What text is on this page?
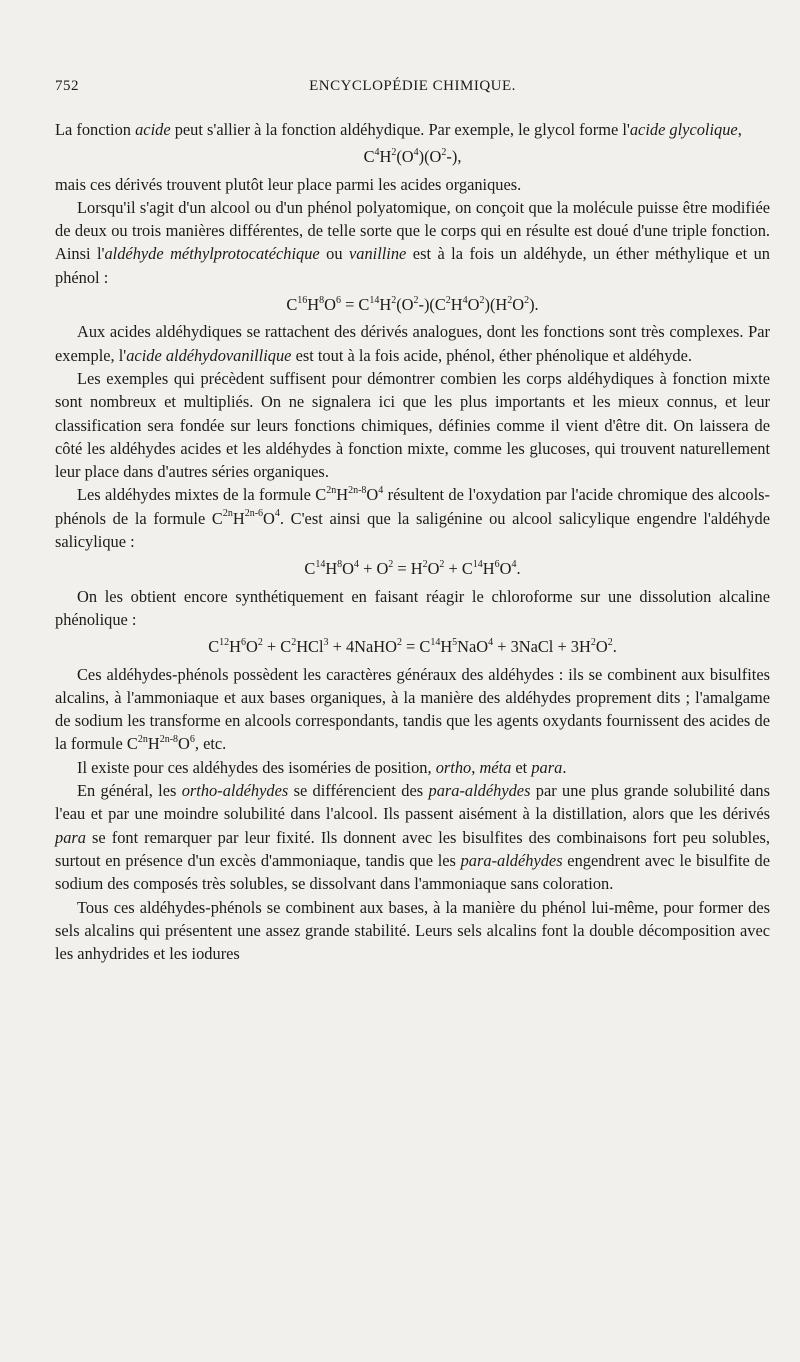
752	ENCYCLOPÉDIE CHIMIQUE.

La fonction acide peut s'allier à la fonction aldéhydique. Par exemple, le glycol forme l'acide glycolique,

$C^4H^2(O^4)(O^2-)$,

mais ces dérivés trouvent plutôt leur place parmi les acides organiques.

Lorsqu'il s'agit d'un alcool ou d'un phénol polyatomique, on conçoit que la molécule puisse être modifiée de deux ou trois manières différentes, de telle sorte que le corps qui en résulte est doué d'une triple fonction. Ainsi l'aldéhyde méthylprotocatéchique ou vanilline est à la fois un aldéhyde, un éther méthylique et un phénol :

$C^{16}H^8O^6 = C^{14}H^2(O^2-)(C^2H^4O^2)(H^2O^2)$.

Aux acides aldéhydiques se rattachent des dérivés analogues, dont les fonctions sont très complexes. Par exemple, l'acide aldéhydovanillique est tout à la fois acide, phénol, éther phénolique et aldéhyde.

Les exemples qui précèdent suffisent pour démontrer combien les corps aldéhydiques à fonction mixte sont nombreux et multipliés. On ne signalera ici que les plus importants et les mieux connus, et leur classification sera fondée sur leurs fonctions chimiques, définies comme il vient d'être dit. On laissera de côté les aldéhydes acides et les aldéhydes à fonction mixte, comme les glucoses, qui trouvent naturellement leur place dans d'autres séries organiques.

Les aldéhydes mixtes de la formule $C^{2n}H^{2n-8}O^4$ résultent de l'oxydation par l'acide chromique des alcools-phénols de la formule $C^{2n}H^{2n-6}O^4$. C'est ainsi que la saligénine ou alcool salicylique engendre l'aldéhyde salicylique :

$C^{14}H^8O^4 + O^2 = H^2O^2 + C^{14}H^6O^4$.

On les obtient encore synthétiquement en faisant réagir le chloroforme sur une dissolution alcaline phénolique :

$C^{12}H^6O^2 + C^2HCl^3$ + 4NaHO$^2$ = $C^{14}H^5NaO^4$ + 3NaCl + $3H^2O^2$.

Ces aldéhydes-phénols possèdent les caractères généraux des aldéhydes : ils se combinent aux bisulfites alcalins, à l'ammoniaque et aux bases organiques, à la manière des aldéhydes proprement dits ; l'amalgame de sodium les transforme en alcools correspondants, tandis que les agents oxydants fournissent des acides de la formule $C^{2n}H^{2n-8}O^6$, etc.

Il existe pour ces aldéhydes des isoméries de position, ortho, méta et para.

En général, les ortho-aldéhydes se différencient des para-aldéhydes par une plus grande solubilité dans l'eau et par une moindre solubilité dans l'alcool. Ils passent aisément à la distillation, alors que les dérivés para se font remarquer par leur fixité. Ils donnent avec les bisulfites des combinaisons fort peu solubles, surtout en présence d'un excès d'ammoniaque, tandis que les para-aldéhydes engendrent avec le bisulfite de sodium des composés très solubles, se dissolvant dans l'ammoniaque sans coloration.

Tous ces aldéhydes-phénols se combinent aux bases, à la manière du phénol lui-même, pour former des sels alcalins qui présentent une assez grande stabilité. Leurs sels alcalins font la double décomposition avec les anhydrides et les iodures
